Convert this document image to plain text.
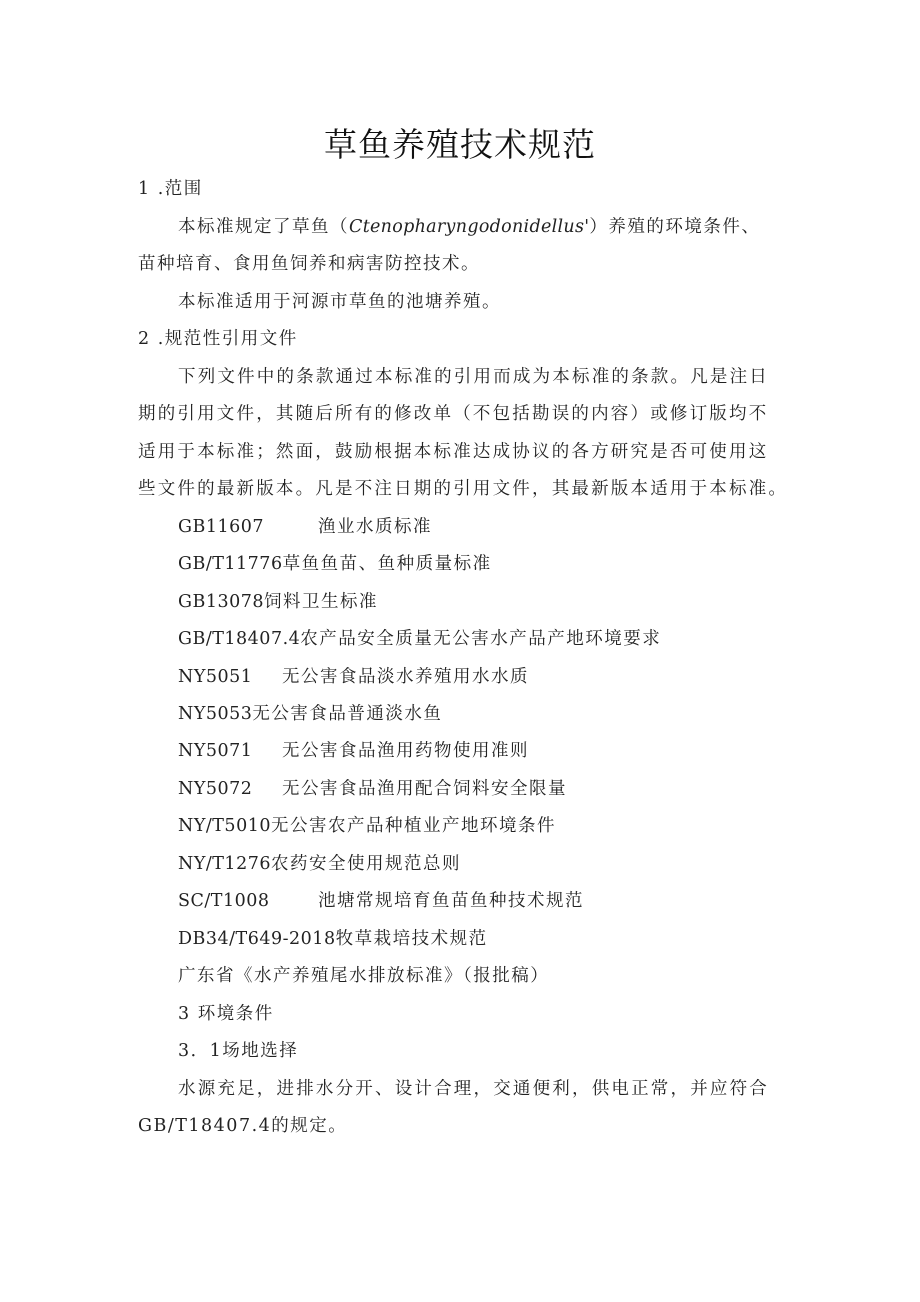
草鱼养殖技术规范
1 .范围
本标准规定了草鱼（Ctenopharyngodonidellus'）养殖的环境条件、
苗种培育、食用鱼饲养和病害防控技术。
本标准适用于河源市草鱼的池塘养殖。
2 .规范性引用文件
下列文件中的条款通过本标准的引用而成为本标准的条款。凡是注日
期的引用文件，其随后所有的修改单（不包括勘误的内容）或修订版均不
适用于本标准；然面，鼓励根据本标准达成协议的各方研究是否可使用这
些文件的最新版本。凡是不注日期的引用文件，其最新版本适用于本标准。
GB11607	渔业水质标准
GB/T11776草鱼鱼苗、鱼种质量标准
GB13078饲料卫生标准
GB/T18407.4农产品安全质量无公害水产品产地环境要求
NY5051 无公害食品淡水养殖用水水质
NY5053无公害食品普通淡水鱼
NY5071 无公害食品渔用药物使用准则
NY5072 无公害食品渔用配合饲料安全限量
NY/T5010无公害农产品种植业产地环境条件
NY/T1276农药安全使用规范总则
SC/T1008	池塘常规培育鱼苗鱼种技术规范
DB34/T649-2018牧草栽培技术规范
广东省《水产养殖尾水排放标准》（报批稿）
3 环境条件
3．1场地选择
水源充足，进排水分开、设计合理，交通便利，供电正常，并应符合
GB/T18407.4的规定。
